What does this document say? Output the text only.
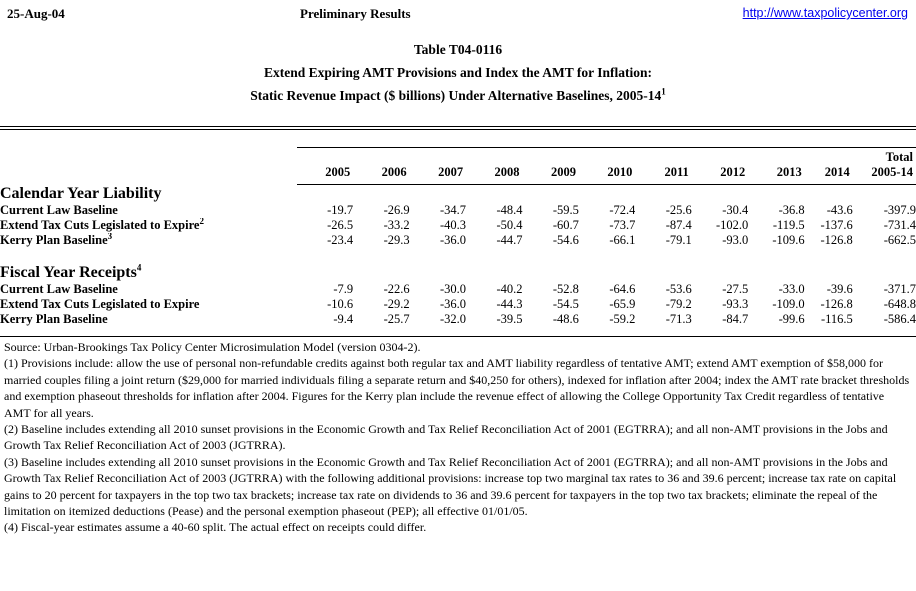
25-Aug-04	Preliminary Results	http://www.taxpolicycenter.org
Table T04-0116
Extend Expiring AMT Provisions and Index the AMT for Inflation:
Static Revenue Impact ($ billions) Under Alternative Baselines, $2005-14^1$
	2005	2006	2007	2008	2009	2010	2011	2012	2013	2014	Total
2005-14

Calendar Year Liability											
Current Law Baseline	-19.7	-26.9	-34.7	-48.4	-59.5	-72.4	-25.6	-30.4	-36.8	-43.6	-397.9
Extend Tax Cuts Legislated to Expire$^2$	-26.5	-33.2	-40.3	-50.4	-60.7	-73.7	-87.4	-102.0	-119.5	-137.6	-731.4
Kerry Plan Baseline$^3$	-23.4	-29.3	-36.0	-44.7	-54.6	-66.1	-79.1	-93.0	-109.6	-126.8	-662.5
Fiscal Year Receipts$^4$
Current Law Baseline	-7.9	-22.6	-30.0	-40.2	-52.8	-64.6	-53.6	-27.5	-33.0	-39.6	-371.7
Extend Tax Cuts Legislated to Expire	-10.6	-29.2	-36.0	-44.3	-54.5	-65.9	-79.2	-93.3	-109.0	-126.8	-648.8
Kerry Plan Baseline	-9.4	-25.7	-32.0	-39.5	-48.6	-59.2	-71.3	-84.7	-99.6	-116.5	-586.4

Source: Urban-Brookings Tax Policy Center Microsimulation Model (version 0304-2).

(1) Provisions include: allow the use of personal non-refundable credits against both regular tax and AMT liability regardless of tentative AMT; extend AMT exemption of $58,000 for married couples filing a joint return ($29,000 for married individuals filing a separate return and $40,250 for others), indexed for inflation after 2004; index the AMT rate bracket thresholds and exemption phaseout thresholds for inflation after 2004. Figures for the Kerry plan include the revenue effect of allowing the College Opportunity Tax Credit regardless of tentative AMT for all years.

(2) Baseline includes extending all 2010 sunset provisions in the Economic Growth and Tax Relief Reconciliation Act of 2001 (EGTRRA); and all non-AMT provisions in the Jobs and Growth Tax Relief Reconciliation Act of 2003 (JGTRRA).

(3) Baseline includes extending all 2010 sunset provisions in the Economic Growth and Tax Relief Reconciliation Act of 2001 (EGTRRA); and all non-AMT provisions in the Jobs and Growth Tax Relief Reconciliation Act of 2003 (JGTRRA) with the following additional provisions: increase top two marginal tax rates to 36 and 39.6 percent; increase tax rate on capital gains to 20 percent for taxpayers in the top two tax brackets; increase tax rate on dividends to 36 and 39.6 percent for taxpayers in the top two tax brackets; eliminate the repeal of the limitation on itemized deductions (Pease) and the personal exemption phaseout (PEP); all effective 01/01/05.

(4) Fiscal-year estimates assume a 40-60 split. The actual effect on receipts could differ.
